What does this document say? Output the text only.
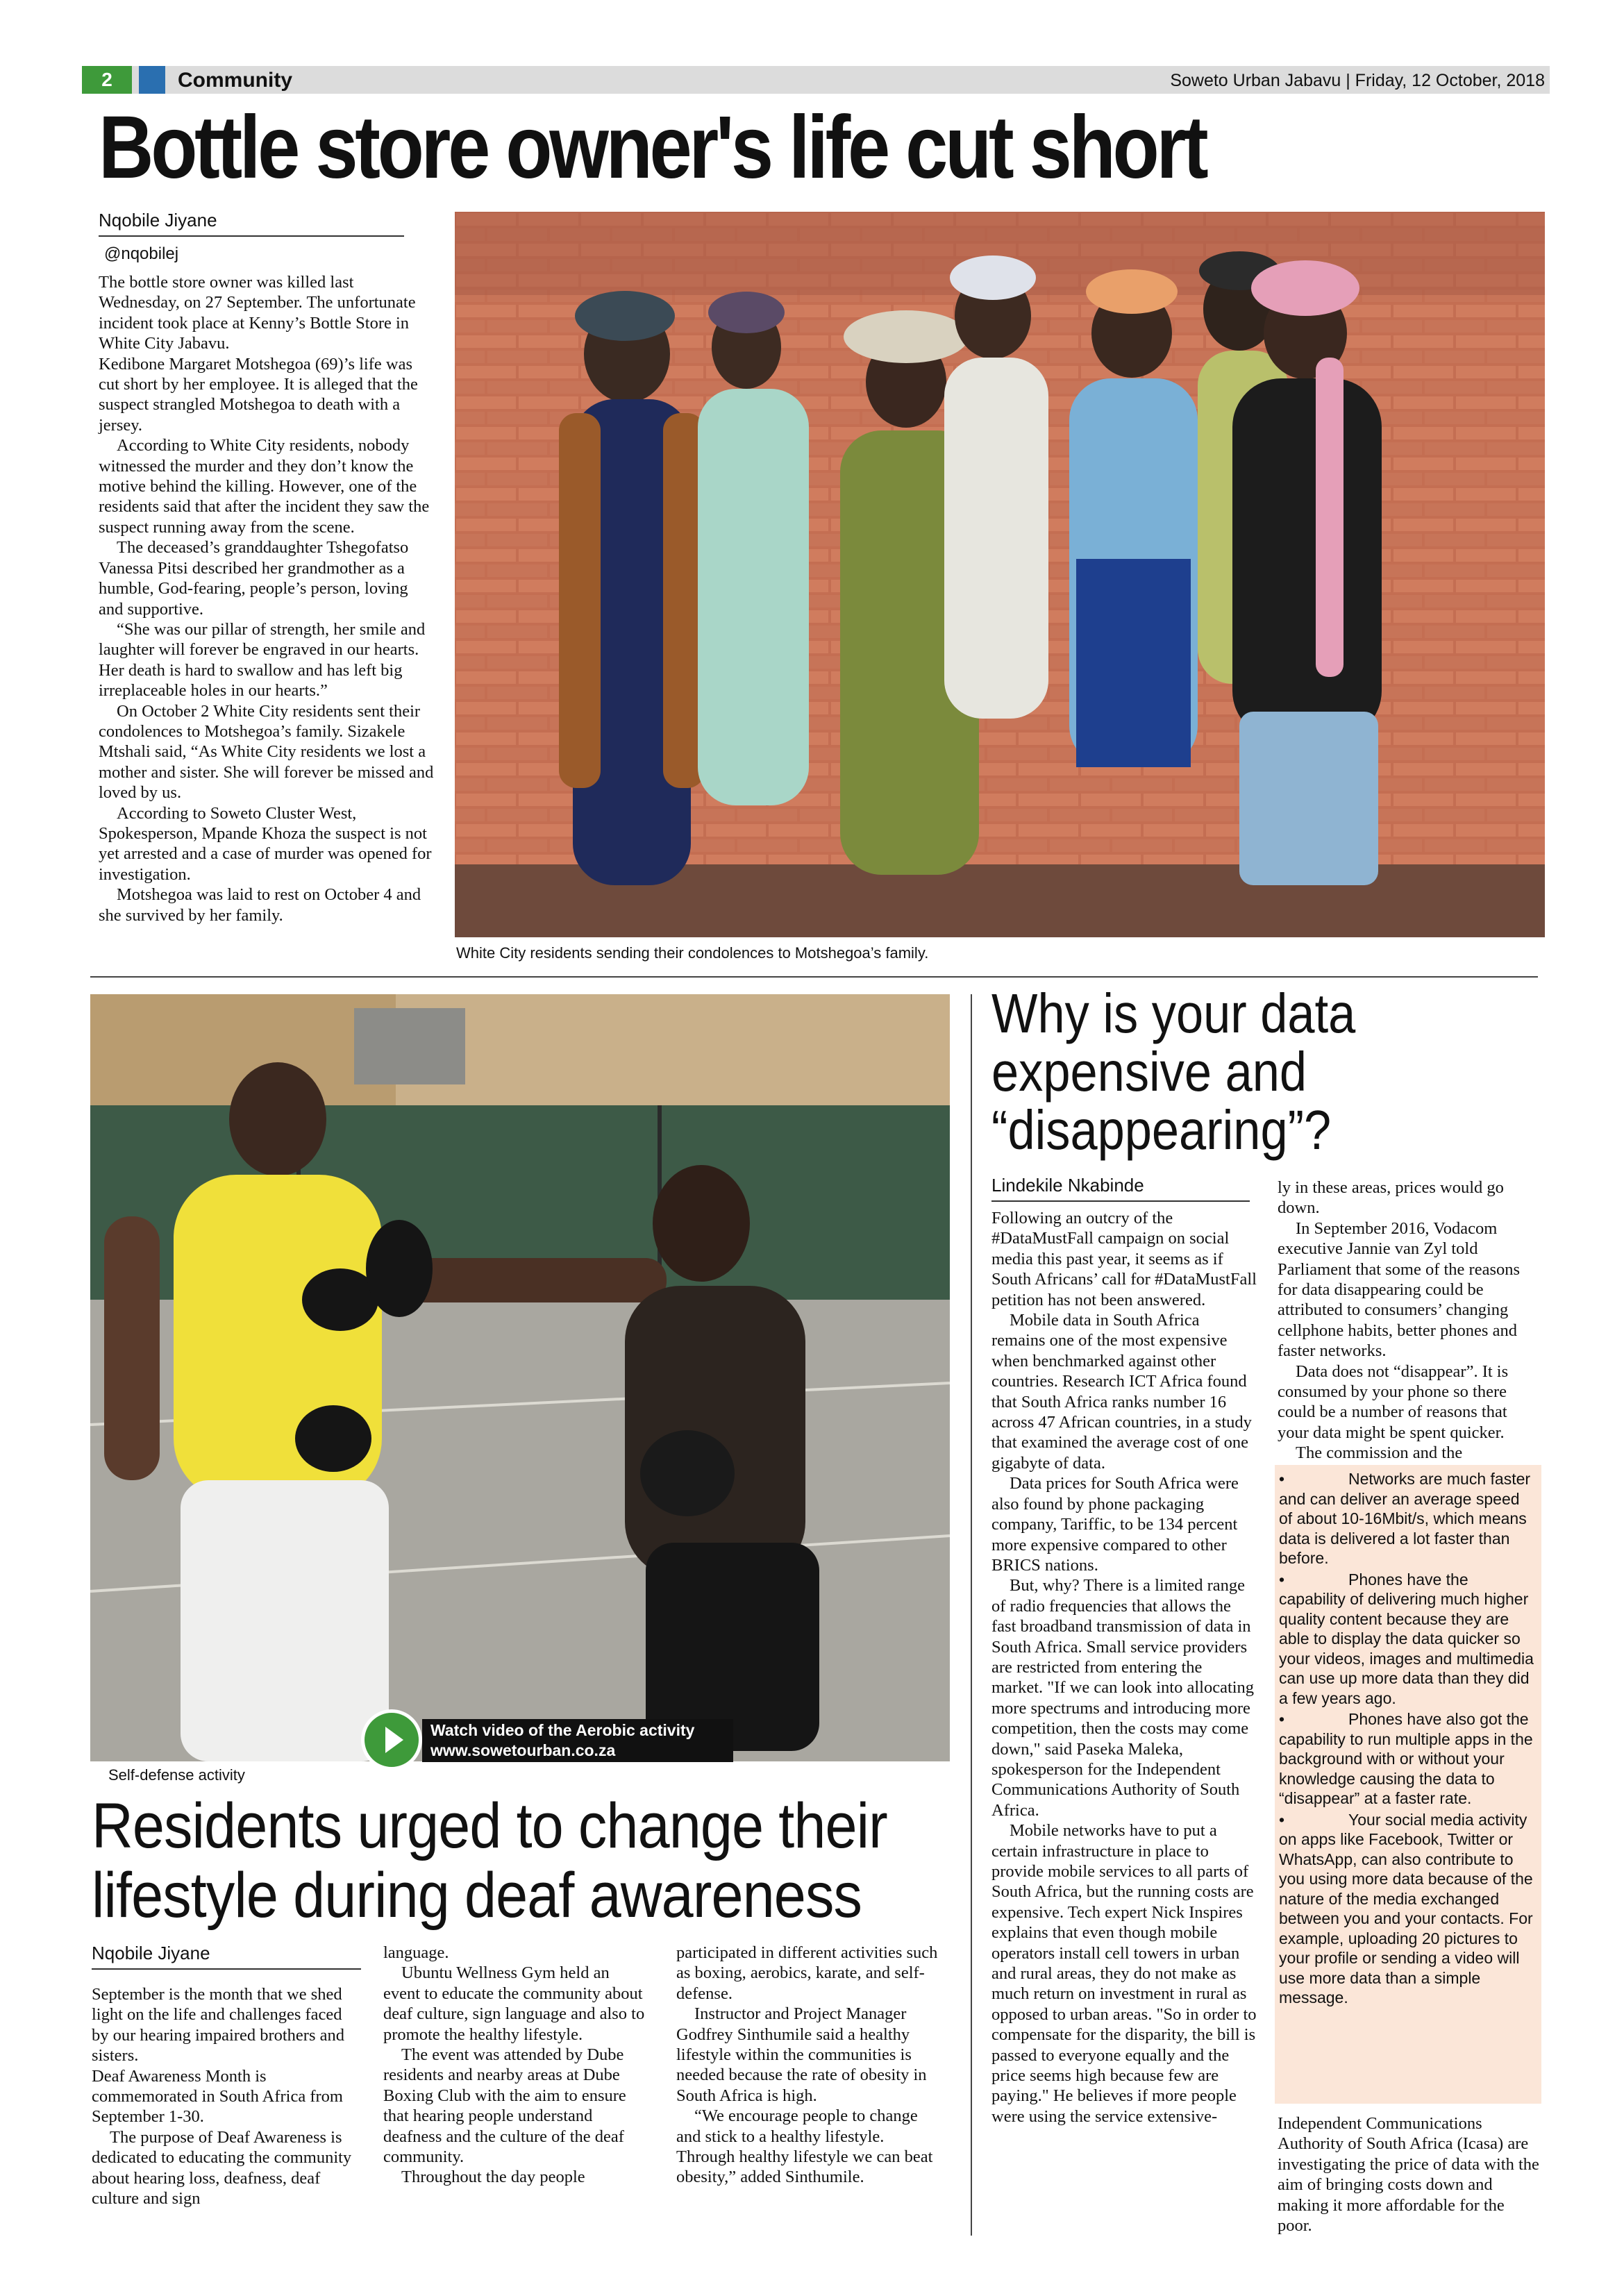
2	Community	Soweto Urban Jabavu | Friday, 12 October, 2018
Bottle store owner's life cut short
Nqobile Jiyane
@nqobilej

The bottle store owner was killed last Wednesday, on 27 September. The unfortunate incident took place at Kenny’s Bottle Store in White City Jabavu.

Kedibone Margaret Motshegoa (69)’s life was cut short by her employee. It is alleged that the suspect strangled Motshegoa to death with a jersey.

According to White City residents, nobody witnessed the murder and they don’t know the motive behind the killing. However, one of the residents said that after the incident they saw the suspect running away from the scene.

The deceased’s granddaughter Tshegofatso Vanessa Pitsi described her grandmother as a humble, God-fearing, people’s person, loving and supportive.

“She was our pillar of strength, her smile and laughter will forever be engraved in our hearts. Her death is hard to swallow and has left big irreplaceable holes in our hearts.”

On October 2 White City residents sent their condolences to Motshegoa’s family. Sizakele Mtshali said, “As White City residents we lost a mother and sister. She will forever be missed and loved by us.

According to Soweto Cluster West, Spokesperson, Mpande Khoza the suspect is not yet arrested and a case of murder was opened for investigation.

Motshegoa was laid to rest on October 4 and she survived by her family.

White City residents sending their condolences to Motshegoa’s family.
Watch video of the Aerobic activity
www.sowetourban.co.za
Self-defense activity
Residents urged to change their
lifestyle during deaf awareness
Nqobile Jiyane

September is the month that we shed light on the life and challenges faced by our hearing impaired brothers and sisters.

Deaf Awareness Month is commemorated in South Africa from September 1-30.

The purpose of Deaf Awareness is dedicated to educating the community about hearing loss, deafness, deaf culture and sign

language.

Ubuntu Wellness Gym held an event to educate the community about deaf culture, sign language and also to promote the healthy lifestyle.

The event was attended by Dube residents and nearby areas at Dube Boxing Club with the aim to ensure that hearing people understand deafness and the culture of the deaf community.

Throughout the day people

participated in different activities such as boxing, aerobics, karate, and self-defense.

Instructor and Project Manager Godfrey Sinthumile said a healthy lifestyle within the communities is needed because the rate of obesity in South Africa is high.

“We encourage people to change and stick to a healthy lifestyle. Through healthy lifestyle we can beat obesity,” added Sinthumile.

Why is your data
expensive and
“disappearing”?
Lindekile Nkabinde

Following an outcry of the #DataMustFall campaign on social media this past year, it seems as if South Africans’ call for #DataMustFall petition has not been answered.

Mobile data in South Africa remains one of the most expensive when benchmarked against other countries. Research ICT Africa found that South Africa ranks number 16 across 47 African countries, in a study that examined the average cost of one gigabyte of data.

Data prices for South Africa were also found by phone packaging company, Tariffic, to be 134 percent more expensive compared to other BRICS nations.

But, why? There is a limited range of radio frequencies that allows the fast broadband transmission of data in South Africa. Small service providers are restricted from entering the market. "If we can look into allocating more spectrums and introducing more competition, then the costs may come down," said Paseka Maleka, spokesperson for the Independent Communications Authority of South Africa.

Mobile networks have to put a certain infrastructure in place to provide mobile services to all parts of South Africa, but the running costs are expensive. Tech expert Nick Inspires explains that even though mobile operators install cell towers in urban and rural areas, they do not make as much return on investment in rural as opposed to urban areas. "So in order to compensate for the disparity, the bill is passed to everyone equally and the price seems high because few are paying." He believes if more people were using the service extensive-

ly in these areas, prices would go down.

In September 2016, Vodacom executive Jannie van Zyl told Parliament that some of the reasons for data disappearing could be attributed to consumers’ changing cellphone habits, better phones and faster networks.

Data does not “disappear”. It is consumed by your phone so there could be a number of reasons that your data might be spent quicker.

The commission and the

•	Networks are much faster and can deliver an average speed of about 10-16Mbit/s, which means data is delivered a lot faster than before.

•	Phones have the capability of delivering much higher quality content because they are able to display the data quicker so your videos, images and multimedia can use up more data than they did a few years ago.

•	Phones have also got the capability to run multiple apps in the background with or without your knowledge causing the data to “disappear” at a faster rate.

•	Your social media activity on apps like Facebook, Twitter or WhatsApp, can also contribute to you using more data because of the nature of the media exchanged between you and your contacts. For example, uploading 20 pictures to your profile or sending a video will use more data than a simple message.

Independent Communications Authority of South Africa (Icasa) are investigating the price of data with the aim of bringing costs down and making it more affordable for the poor.
